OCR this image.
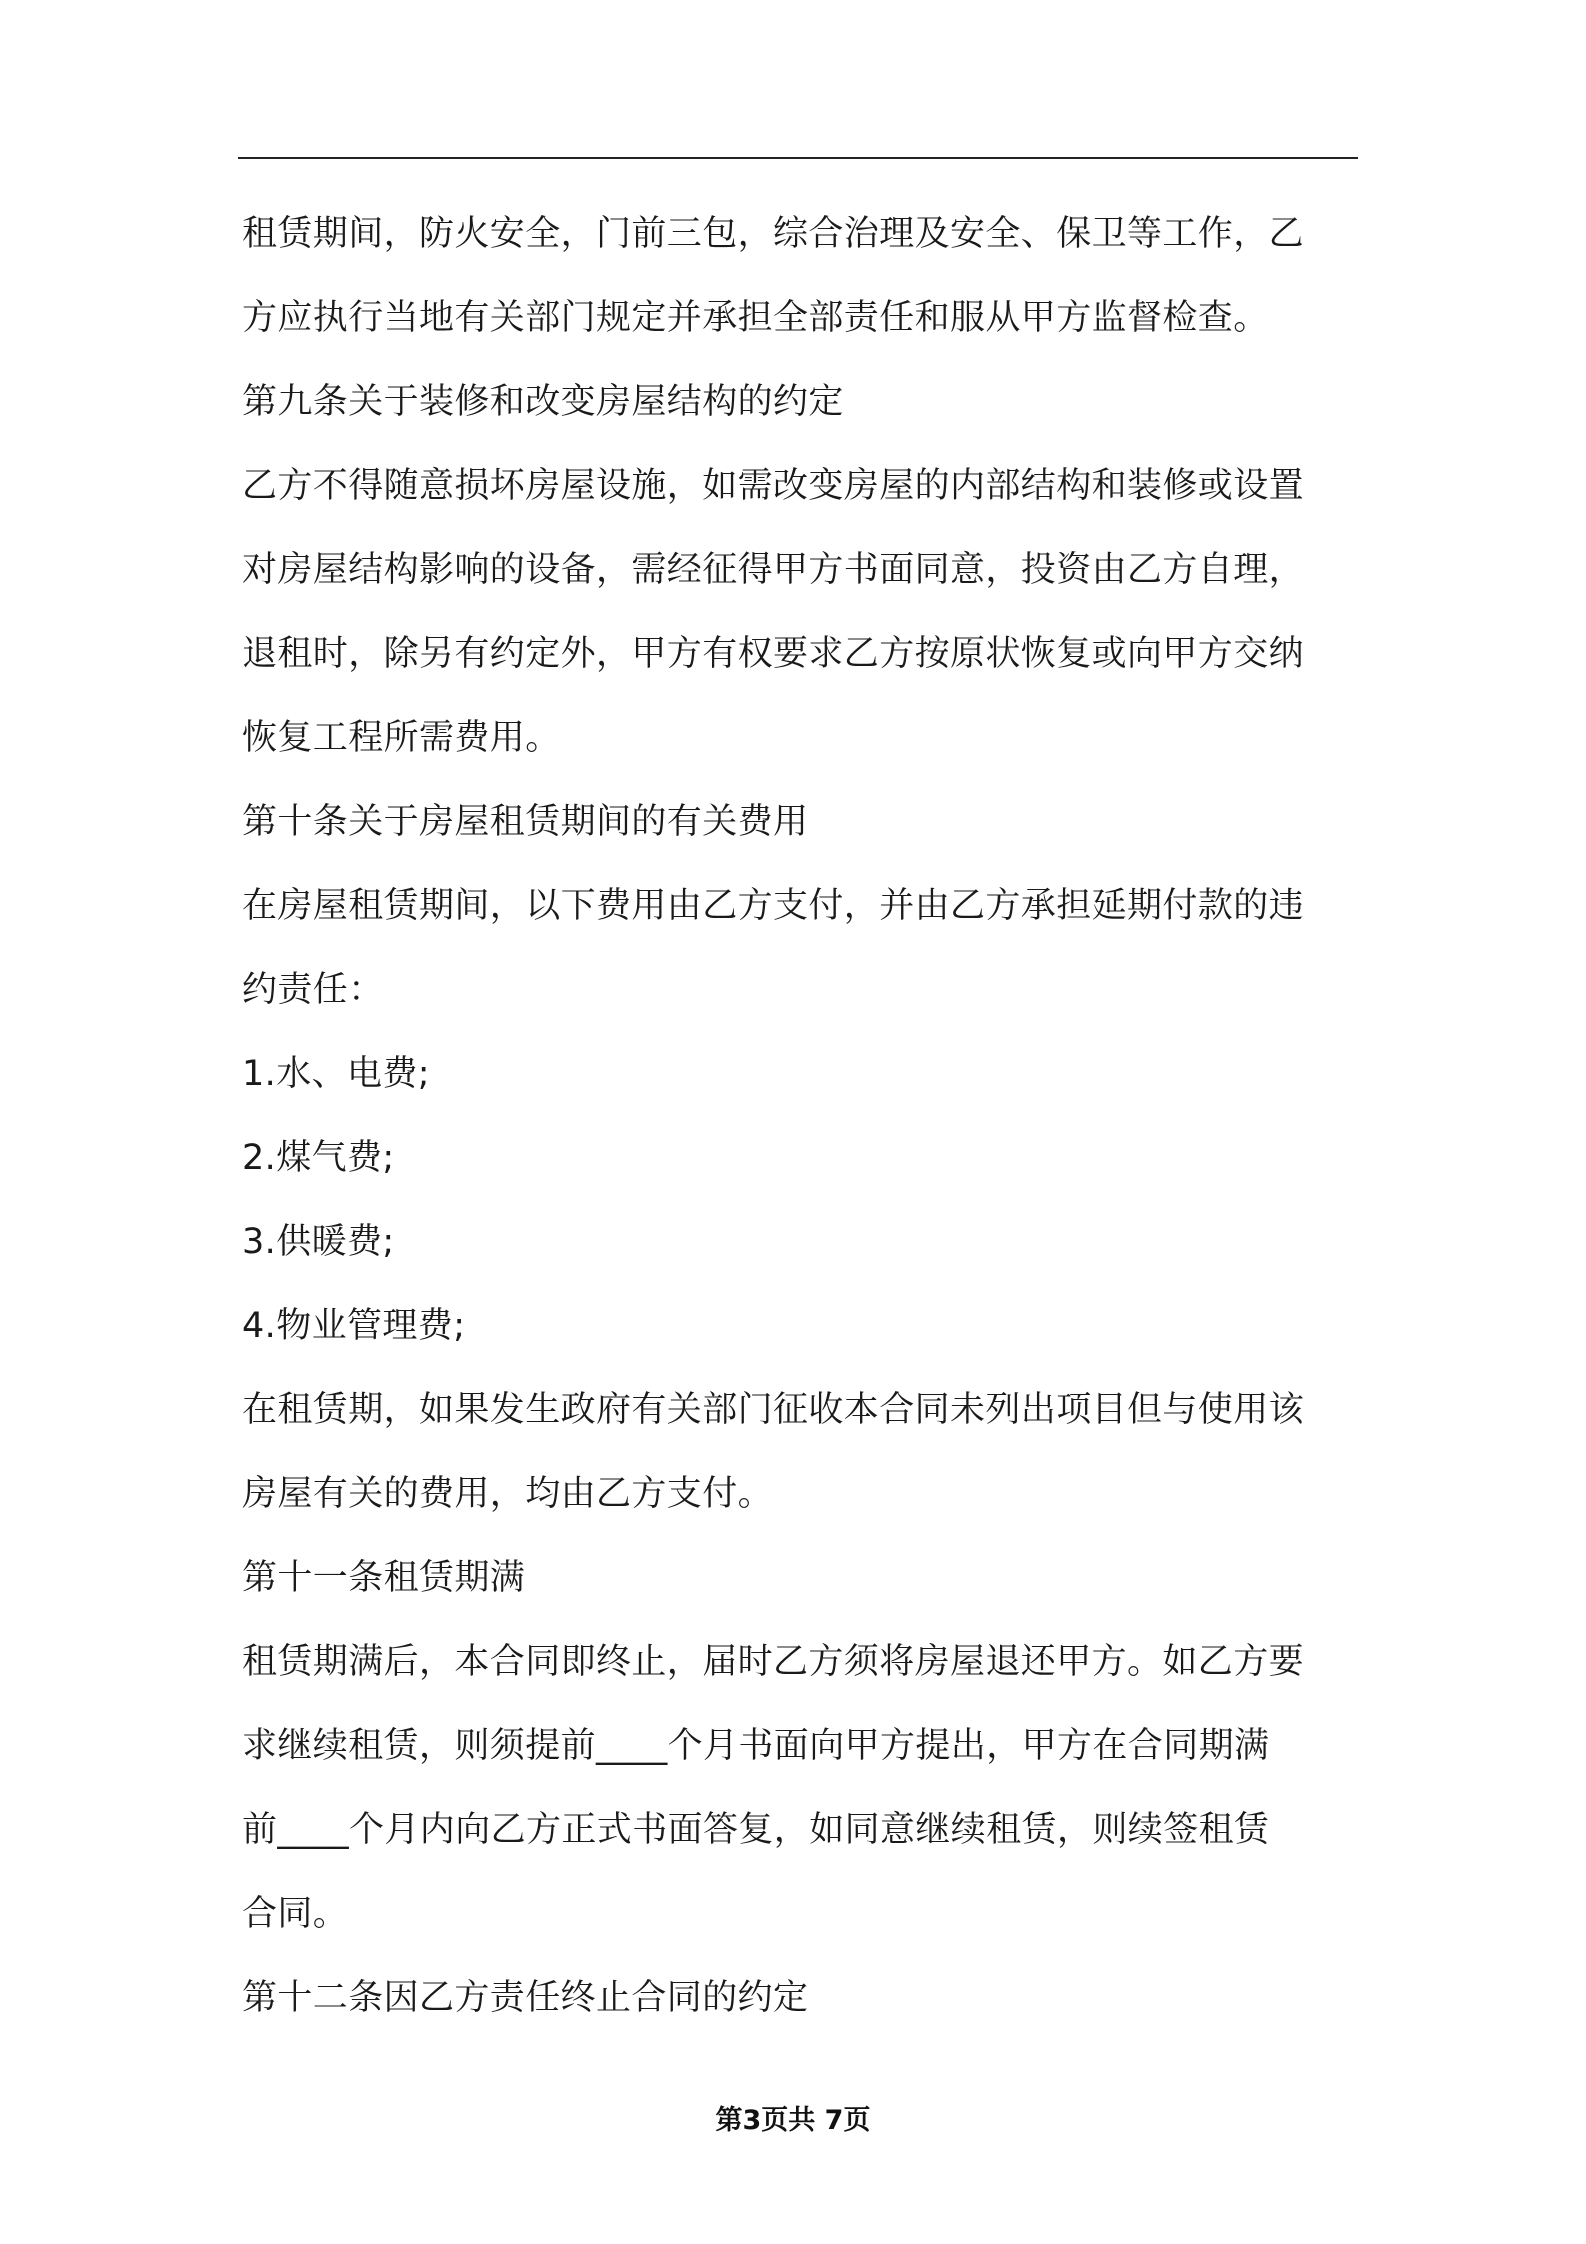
租赁期间，防火安全，门前三包，综合治理及安全、保卫等工作，乙
方应执行当地有关部门规定并承担全部责任和服从甲方监督检查。
第九条关于装修和改变房屋结构的约定
乙方不得随意损坏房屋设施，如需改变房屋的内部结构和装修或设置
对房屋结构影响的设备，需经征得甲方书面同意，投资由乙方自理，
退租时，除另有约定外，甲方有权要求乙方按原状恢复或向甲方交纳
恢复工程所需费用。
第十条关于房屋租赁期间的有关费用
在房屋租赁期间，以下费用由乙方支付，并由乙方承担延期付款的违
约责任：
1.水、电费;
2.煤气费;
3.供暖费;
4.物业管理费;
在租赁期，如果发生政府有关部门征收本合同未列出项目但与使用该
房屋有关的费用，均由乙方支付。
第十一条租赁期满
租赁期满后，本合同即终止，届时乙方须将房屋退还甲方。如乙方要
求继续租赁，则须提前____个月书面向甲方提出，甲方在合同期满
前____个月内向乙方正式书面答复，如同意继续租赁，则续签租赁
合同。
第十二条因乙方责任终止合同的约定
第3页共 7页
